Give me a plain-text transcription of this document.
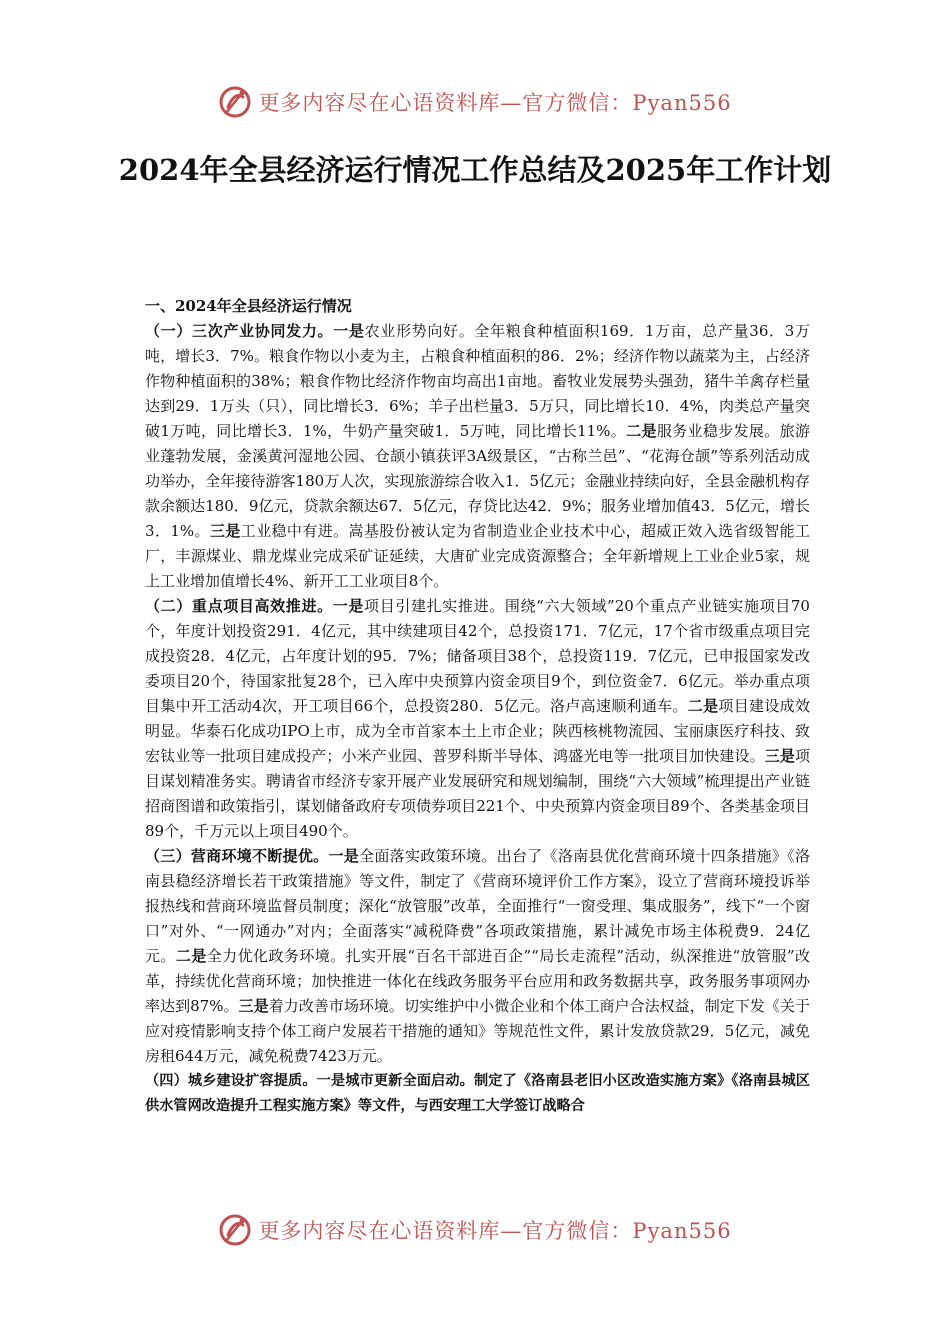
更多内容尽在心语资料库—官方微信：Pyan556
2024年全县经济运行情况工作总结及2025年工作计划

一、2024年全县经济运行情况

（一）三次产业协同发力。一是农业形势向好。全年粮食种植面积169．1万亩，总产量36．3万吨，增长3．7%。粮食作物以小麦为主，占粮食种植面积的86．2%；经济作物以蔬菜为主，占经济作物种植面积的38%；粮食作物比经济作物亩均高出1亩地。畜牧业发展势头强劲，猪牛羊禽存栏量达到29．1万头（只），同比增长3．6%；羊子出栏量3．5万只，同比增长10．4%，肉类总产量突破1万吨，同比增长3．1%，牛奶产量突破1．5万吨，同比增长11%。二是服务业稳步发展。旅游业蓬勃发展，金溪黄河湿地公园、仓颉小镇获评3A级景区，“古称兰邑”、“花海仓颉”等系列活动成功举办，全年接待游客180万人次，实现旅游综合收入1．5亿元；金融业持续向好，全县金融机构存款余额达180．9亿元，贷款余额达67．5亿元，存贷比达42．9%；服务业增加值43．5亿元，增长3．1%。三是工业稳中有进。嵩基股份被认定为省制造业企业技术中心，超威正效入选省级智能工厂，丰源煤业、鼎龙煤业完成采矿证延续，大唐矿业完成资源整合；全年新增规上工业企业5家，规上工业增加值增长4%、新开工工业项目8个。

（二）重点项目高效推进。一是项目引建扎实推进。围绕“六大领域”20个重点产业链实施项目70个，年度计划投资291．4亿元，其中续建项目42个，总投资171．7亿元，17个省市级重点项目完成投资28．4亿元，占年度计划的95．7%；储备项目38个，总投资119．7亿元，已申报国家发改委项目20个，待国家批复28个，已入库中央预算内资金项目9个，到位资金7．6亿元。举办重点项目集中开工活动4次，开工项目66个，总投资280．5亿元。洛卢高速顺利通车。二是项目建设成效明显。华泰石化成功IPO上市，成为全市首家本土上市企业；陕西核桃物流园、宝丽康医疗科技、致宏钛业等一批项目建成投产；小米产业园、普罗科斯半导体、鸿盛光电等一批项目加快建设。三是项目谋划精准务实。聘请省市经济专家开展产业发展研究和规划编制，围绕“六大领域”梳理提出产业链招商图谱和政策指引，谋划储备政府专项债券项目221个、中央预算内资金项目89个、各类基金项目89个，千万元以上项目490个。

（三）营商环境不断提优。一是全面落实政策环境。出台了《洛南县优化营商环境十四条措施》《洛南县稳经济增长若干政策措施》等文件，制定了《营商环境评价工作方案》，设立了营商环境投诉举报热线和营商环境监督员制度；深化“放管服”改革，全面推行“一窗受理、集成服务”，线下“一个窗口”对外、“一网通办”对内；全面落实“减税降费”各项政策措施，累计减免市场主体税费9．24亿元。二是全力优化政务环境。扎实开展“百名干部进百企”“局长走流程”活动，纵深推进“放管服”改革，持续优化营商环境；加快推进一体化在线政务服务平台应用和政务数据共享，政务服务事项网办率达到87%。三是着力改善市场环境。切实维护中小微企业和个体工商户合法权益，制定下发《关于应对疫情影响支持个体工商户发展若干措施的通知》等规范性文件，累计发放贷款29．5亿元，减免房租644万元，减免税费7423万元。

（四）城乡建设扩容提质。一是城市更新全面启动。制定了《洛南县老旧小区改造实施方案》《洛南县城区供水管网改造提升工程实施方案》等文件，与西安理工大学签订战略合

更多内容尽在心语资料库—官方微信：Pyan556
